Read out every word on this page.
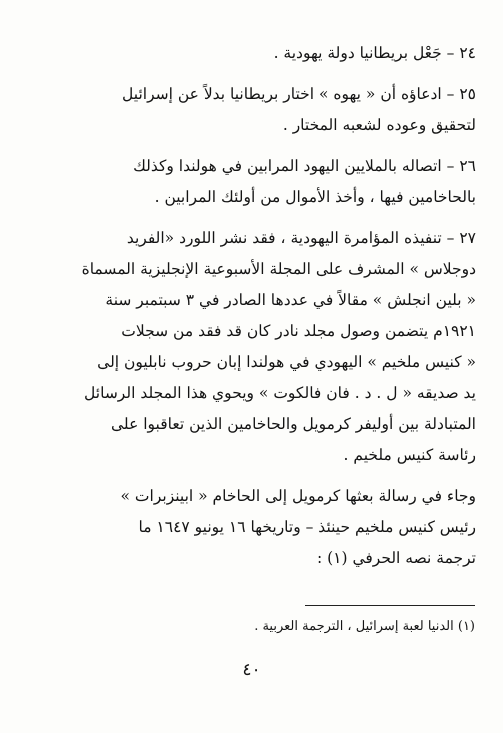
٢٤ – جَعْل بريطانيا دولة يهودية .

٢٥ – ادعاؤه أن « يهوه » اختار بريطانيا بدلاً عن إسرائيل
لتحقيق وعوده لشعبه المختار .

٢٦ – اتصاله بالملايين اليهود المرابين في هولندا وكذلك
بالحاخامين فيها ، وأخذ الأموال من أولئك المرابين .

٢٧ – تنفيذه المؤامرة اليهودية ، فقد نشر اللورد «الفريد
دوجلاس » المشرف على المجلة الأسبوعية الإنجليزية المسماة
« بلين انجلش » مقالاً في عددها الصادر في ٣ سبتمبر سنة
١٩٢١م يتضمن وصول مجلد نادر كان قد فقد من سجلات
« كنيس ملخيم » اليهودي في هولندا إبان حروب نابليون إلى
يد صديقه « ل . د . فان فالكوت » ويحوي هذا المجلد الرسائل
المتبادلة بين أوليفر كرمويل والحاخامين الذين تعاقبوا على
رئاسة كنيس ملخيم .

وجاء في رسالة بعثها كرمويل إلى الحاخام « ابينزبرات »
رئيس كنيس ملخيم حينئذ – وتاريخها ١٦ يونيو ١٦٤٧ ما
ترجمة نصه الحرفي (١) :

(١) الدنيا لعبة إسرائيل ، الترجمة العربية .
٤٠
